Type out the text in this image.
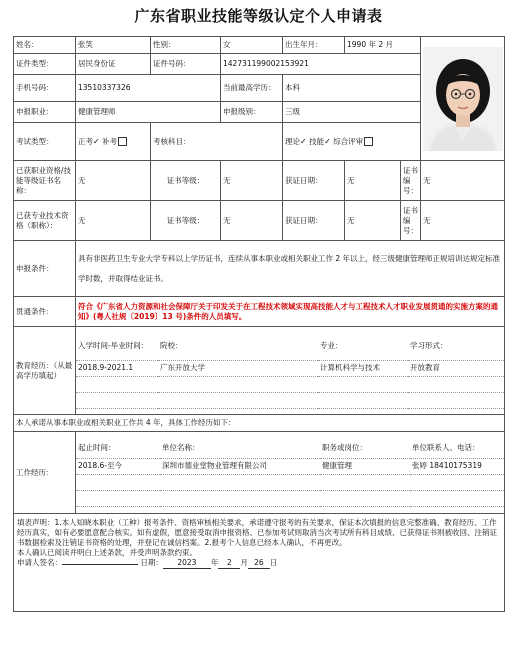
广东省职业技能等级认定个人申请表
姓名：	张笑	性别：	女	出生年月：	1990 年 2 月	

证件类型：	居民身份证	证件号码：	142731199002153921
手机号码：	13510337326	当前最高学历：	本科
申报职业：	健康管理师	申报级别：	三级
考试类型：	正考✓ 补考	考核科目：	理论✓ 技能✓ 综合评审

已获职业资格/技能等级证书名称：	无	证书等级：	无	获证日期：	无	证书编号：	无
已获专业技术资格（职称）：	无	证书等级：	无	获证日期：	无	证书编号：	无
申报条件：	具有非医药卫生专业大学专科以上学历证书，连续从事本职业或相关职业工作 2 年以上，经三级健康管理师正规培训达规定标准学时数，并取得结业证书。
贯通条件：	符合《广东省人力资源和社会保障厅关于印发关于在工程技术领域实现高技能人才与工程技术人才职业发展贯通的实施方案的通知》(粤人社规〔2019〕13 号)条件的人员填写。
教育经历：（从最高学历填起）	
入学时间-毕业时间：	院校：	专业：	学习形式：
2018.9-2021.1	广东开放大学	计算机科学与技术	开放教育

本人承诺从事本职业或相关职业工作共 4 年，具体工作经历如下：
工作经历：	
起止时间：	单位名称：	职务或岗位：	单位联系人、电话：
2018.6-至今	深圳市德业堂物业管理有限公司	健康管理	张婷 18410175319

填表声明：1.本人知晓本职业（工种）报考条件、资格审核相关要求，承诺遵守报考的有关要求，保证本次填报的信息完整准确、教育经历、工作经历真实，如有必要愿意配合核实。如有虚假，愿意接受取消申报资格、已参加考试则取消当次考试所有科目成绩、已获得证书则被收回、注销证书数据检索及注销证书资格的处理，并登记在诚信档案。2.报考个人信息已经本人确认，不再更改。
本人确认已阅读并明白上述条款，并受声明条款约束。
申请人签名：	日期： 2023 年 2 月 26 日
